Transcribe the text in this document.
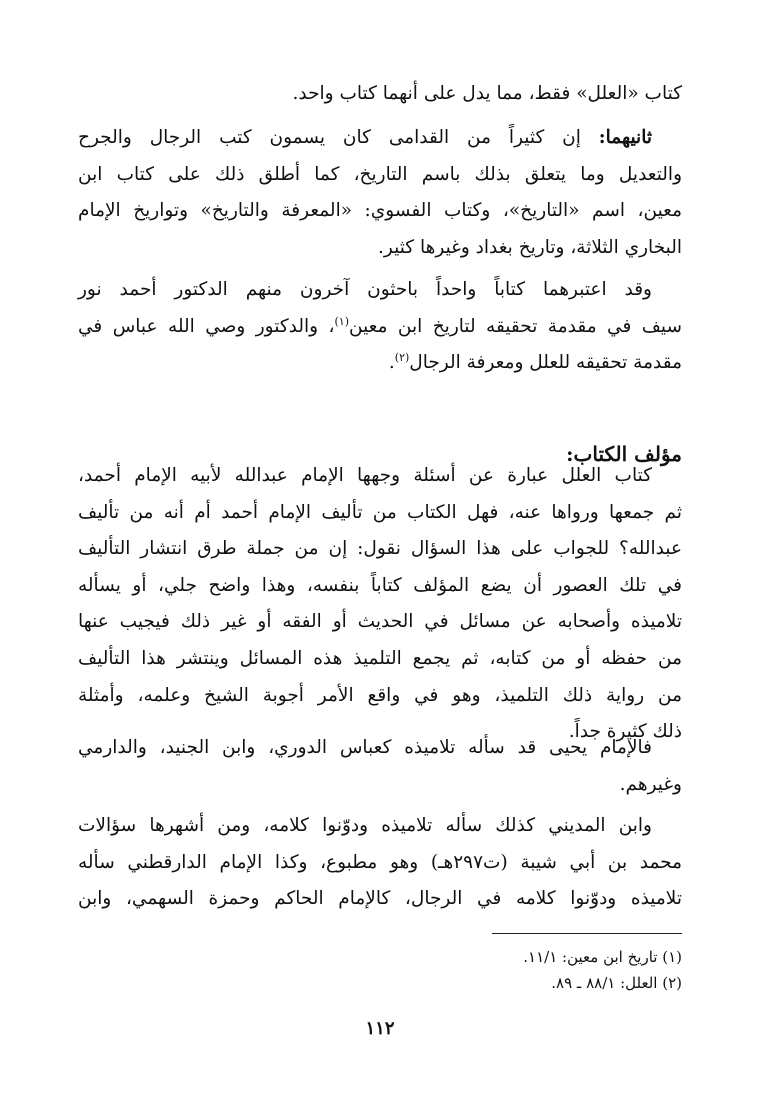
كتاب «العلل» فقط، مما يدل على أنهما كتاب واحد.
ثانيهما: إن كثيراً من القدامى كان يسمون كتب الرجال والجرح
والتعديل وما يتعلق بذلك باسم التاريخ، كما أطلق ذلك على كتاب ابن
معين، اسم «التاريخ»، وكتاب الفسوي: «المعرفة والتاريخ» وتواريخ الإمام
البخاري الثلاثة، وتاريخ بغداد وغيرها كثير.
وقد اعتبرهما كتاباً واحداً باحثون آخرون منهم الدكتور أحمد نور
سيف في مقدمة تحقيقه لتاريخ ابن معين$^{(١)}$، والدكتور وصي الله عباس في
مقدمة تحقيقه للعلل ومعرفة الرجال$^{(٢)}$.
مؤلف الكتاب:
كتاب العلل عبارة عن أسئلة وجهها الإمام عبدالله لأبيه الإمام أحمد،
ثم جمعها ورواها عنه، فهل الكتاب من تأليف الإمام أحمد أم أنه من تأليف
عبدالله؟ للجواب على هذا السؤال نقول: إن من جملة طرق انتشار التأليف
في تلك العصور أن يضع المؤلف كتاباً بنفسه، وهذا واضح جلي، أو يسأله
تلاميذه وأصحابه عن مسائل في الحديث أو الفقه أو غير ذلك فيجيب عنها
من حفظه أو من كتابه، ثم يجمع التلميذ هذه المسائل وينتشر هذا التأليف
من رواية ذلك التلميذ، وهو في واقع الأمر أجوبة الشيخ وعلمه، وأمثلة
ذلك كثيرة جداً.
فالإمام يحيى قد سأله تلاميذه كعباس الدوري، وابن الجنيد، والدارمي
وغيرهم.
وابن المديني كذلك سأله تلاميذه ودوّنوا كلامه، ومن أشهرها سؤالات
محمد بن أبي شيبة (ت٢٩٧هـ) وهو مطبوع، وكذا الإمام الدارقطني سأله
تلاميذه ودوّنوا كلامه في الرجال، كالإمام الحاكم وحمزة السهمي، وابن
(١) تاريخ ابن معين: ١١/١.
(٢) العلل: ٨٨/١ ـ ٨٩.
١١٢
